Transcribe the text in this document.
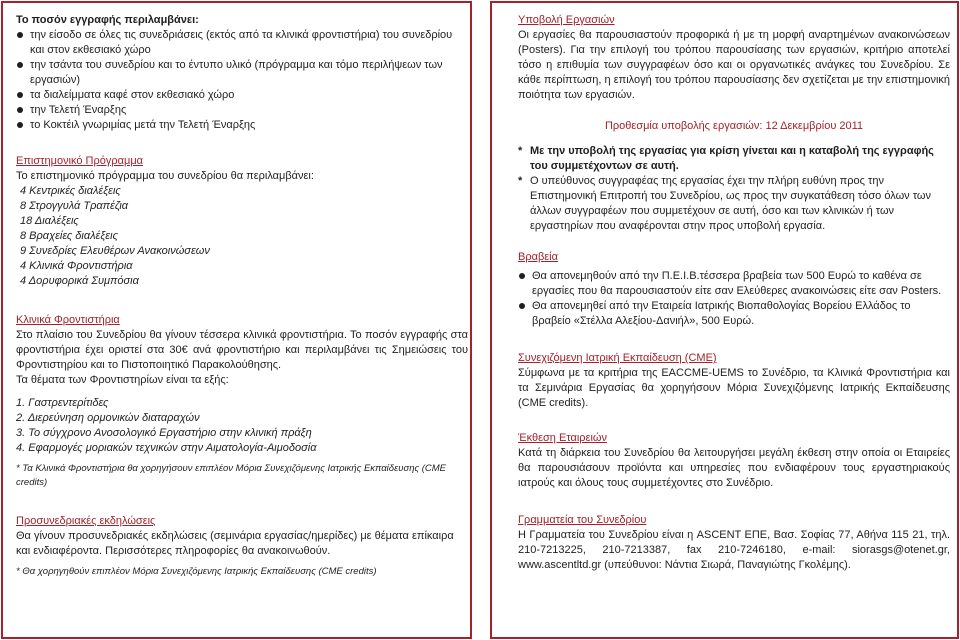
Το ποσόν εγγραφής περιλαμβάνει:

την είσοδο σε όλες τις συνεδριάσεις (εκτός από τα κλινικά φροντιστήρια) του συνεδρίου και στον εκθεσιακό χώρο
την τσάντα του συνεδρίου και το έντυπο υλικό (πρόγραμμα και τόμο περιλήψεων των εργασιών)
τα διαλείμματα καφέ στον εκθεσιακό χώρο
την Τελετή Έναρξης
το Κοκτέιλ γνωριμίας μετά την Τελετή Έναρξης

Επιστημονικό Πρόγραμμα

Το επιστημονικό πρόγραμμα του συνεδρίου θα περιλαμβάνει:

4 Κεντρικές διαλέξεις

8 Στρογγυλά Τραπέζια

18 Διαλέξεις

8 Βραχείες διαλέξεις

9 Συνεδρίες Ελευθέρων Ανακοινώσεων

4 Κλινικά Φροντιστήρια

4 Δορυφορικά Συμπόσια

Κλινικά Φροντιστήρια

Στο πλαίσιο του Συνεδρίου θα γίνουν τέσσερα κλινικά φροντιστήρια. Το ποσόν εγγραφής στα φροντιστήρια έχει οριστεί στα 30€ ανά φροντιστήριο και περιλαμβάνει τις Σημειώσεις του Φροντιστηρίου και το Πιστοποιητικό Παρακολούθησης.

Τα θέματα των Φροντιστηρίων είναι τα εξής:

1. Γαστρεντερίτιδες

2. Διερεύνηση ορμονικών διαταραχών

3. Το σύγχρονο Ανοσολογικό Εργαστήριο στην κλινική πράξη

4. Εφαρμογές μοριακών τεχνικών στην Αιματολογία-Αιμοδοσία

* Τα Κλινικά Φροντιστήρια θα χορηγήσουν επιπλέον Μόρια Συνεχιζόμενης Ιατρικής Εκπαίδευσης (CME credits)

Προσυνεδριακές εκδηλώσεις

Θα γίνουν προσυνεδριακές εκδηλώσεις (σεμινάρια εργασίας/ημερίδες) με θέματα επίκαιρα και ενδιαφέροντα. Περισσότερες πληροφορίες θα ανακοινωθούν.

* Θα χορηγηθούν επιπλέον Μόρια Συνεχιζόμενης Ιατρικής Εκπαίδευσης (CME credits)

Υποβολή Εργασιών

Οι εργασίες θα παρουσιαστούν προφορικά ή με τη μορφή αναρτημένων ανακοινώσεων (Posters). Για την επιλογή του τρόπου παρουσίασης των εργασιών, κριτήριο αποτελεί τόσο η επιθυμία των συγγραφέων όσο και οι οργανωτικές ανάγκες του Συνεδρίου. Σε κάθε περίπτωση, η επιλογή του τρόπου παρουσίασης δεν σχετίζεται με την επιστημονική ποιότητα των εργασιών.

Προθεσμία υποβολής εργασιών: 12 Δεκεμβρίου 2011

* Με την υποβολή της εργασίας για κρίση γίνεται και η καταβολή της εγγραφής του συμμετέχοντων σε αυτή.

* Ο υπεύθυνος συγγραφέας της εργασίας έχει την πλήρη ευθύνη προς την Επιστημονική Επιτροπή του Συνεδρίου, ως προς την συγκατάθεση τόσο όλων των άλλων συγγραφέων που συμμετέχουν σε αυτή, όσο και των κλινικών ή των εργαστηρίων που αναφέρονται στην προς υποβολή εργασία.

Βραβεία

Θα απονεμηθούν από την Π.Ε.Ι.Β.τέσσερα βραβεία των 500 Ευρώ το καθένα σε εργασίες που θα παρουσιαστούν είτε σαν Ελεύθερες ανακοινώσεις είτε σαν Posters.
Θα απονεμηθεί από την Εταιρεία Ιατρικής Βιοπαθολογίας Βορείου Ελλάδος το βραβείο «Στέλλα Αλεξίου-Δανιήλ», 500 Ευρώ.

Συνεχιζόμενη Ιατρική Εκπαίδευση (CME)

Σύμφωνα με τα κριτήρια της EACCME-UEMS το Συνέδριο, τα Κλινικά Φροντιστήρια και τα Σεμινάρια Εργασίας θα χορηγήσουν Μόρια Συνεχιζόμενης Ιατρικής Εκπαίδευσης (CME credits).

Έκθεση Εταιρειών

Κατά τη διάρκεια του Συνεδρίου θα λειτουργήσει μεγάλη έκθεση στην οποία οι Εταιρείες θα παρουσιάσουν προϊόντα και υπηρεσίες που ενδιαφέρουν τους εργαστηριακούς ιατρούς και όλους τους συμμετέχοντες στο Συνέδριο.

Γραμματεία του Συνεδρίου

Η Γραμματεία του Συνεδρίου είναι η ASCENT ΕΠΕ, Βασ. Σοφίας 77, Αθήνα 115 21, τηλ. 210-7213225, 210-7213387, fax 210-7246180, e-mail: siorasgs@otenet.gr, www.ascentltd.gr (υπεύθυνοι: Νάντια Σιωρά, Παναγιώτης Γκολέμης).
